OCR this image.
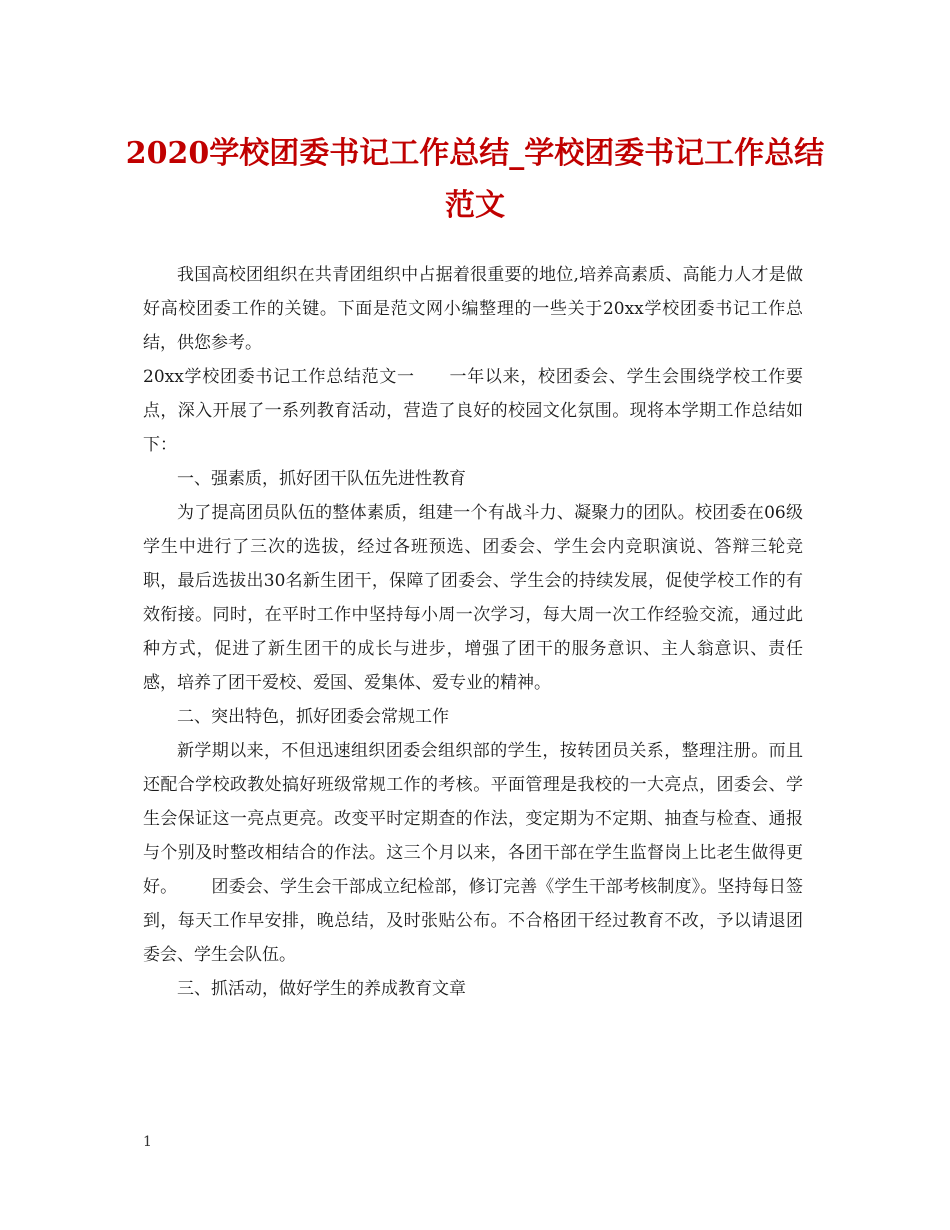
2020学校团委书记工作总结_学校团委书记工作总结范文

我国高校团组织在共青团组织中占据着很重要的地位,培养高素质、高能力人才是做好高校团委工作的关键。下面是范文网小编整理的一些关于20xx学校团委书记工作总结，供您参考。

20xx学校团委书记工作总结范文一 一年以来，校团委会、学生会围绕学校工作要点，深入开展了一系列教育活动，营造了良好的校园文化氛围。现将本学期工作总结如下：

一、强素质，抓好团干队伍先进性教育

为了提高团员队伍的整体素质，组建一个有战斗力、凝聚力的团队。校团委在06级学生中进行了三次的选拔，经过各班预选、团委会、学生会内竞职演说、答辩三轮竞职，最后选拔出30名新生团干，保障了团委会、学生会的持续发展，促使学校工作的有效衔接。同时，在平时工作中坚持每小周一次学习，每大周一次工作经验交流，通过此种方式，促进了新生团干的成长与进步，增强了团干的服务意识、主人翁意识、责任感，培养了团干爱校、爱国、爱集体、爱专业的精神。

二、突出特色，抓好团委会常规工作

新学期以来，不但迅速组织团委会组织部的学生，按转团员关系，整理注册。而且还配合学校政教处搞好班级常规工作的考核。平面管理是我校的一大亮点，团委会、学生会保证这一亮点更亮。改变平时定期查的作法，变定期为不定期、抽查与检查、通报与个别及时整改相结合的作法。这三个月以来，各团干部在学生监督岗上比老生做得更好。 团委会、学生会干部成立纪检部，修订完善《学生干部考核制度》。坚持每日签到，每天工作早安排，晚总结，及时张贴公布。不合格团干经过教育不改，予以请退团委会、学生会队伍。

三、抓活动，做好学生的养成教育文章

1
